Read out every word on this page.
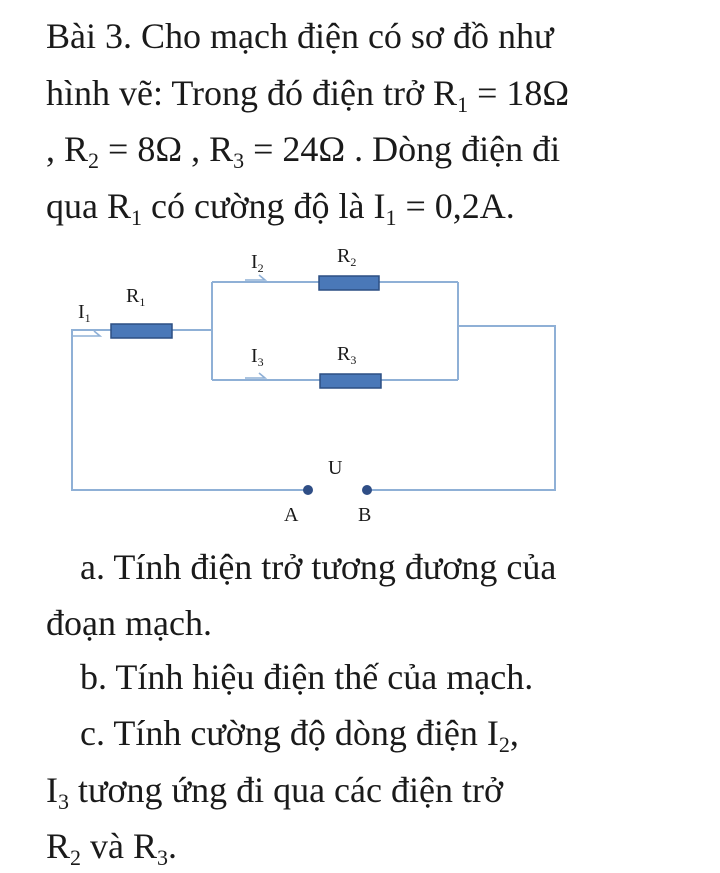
Bài 3. Cho mạch điện có sơ đồ như
hình vẽ: Trong đó điện trở $R_1 = 18\Omega$
, $R_2 = 8\Omega$ , $R_3 = 24\Omega$ . Dòng điện đi
qua $R_1$ có cường độ là $I_1 = 0,2A$.
$I_1$
$R_1$
$I_2$
$R_2$
$I_3$	$R_3$
U
A	B
a. Tính điện trở tương đương của
đoạn mạch.
b. Tính hiệu điện thế của mạch.
c. Tính cường độ dòng điện $I_2$,
$I_3$ tương ứng đi qua các điện trở
$R_2$ và $R_3$.
